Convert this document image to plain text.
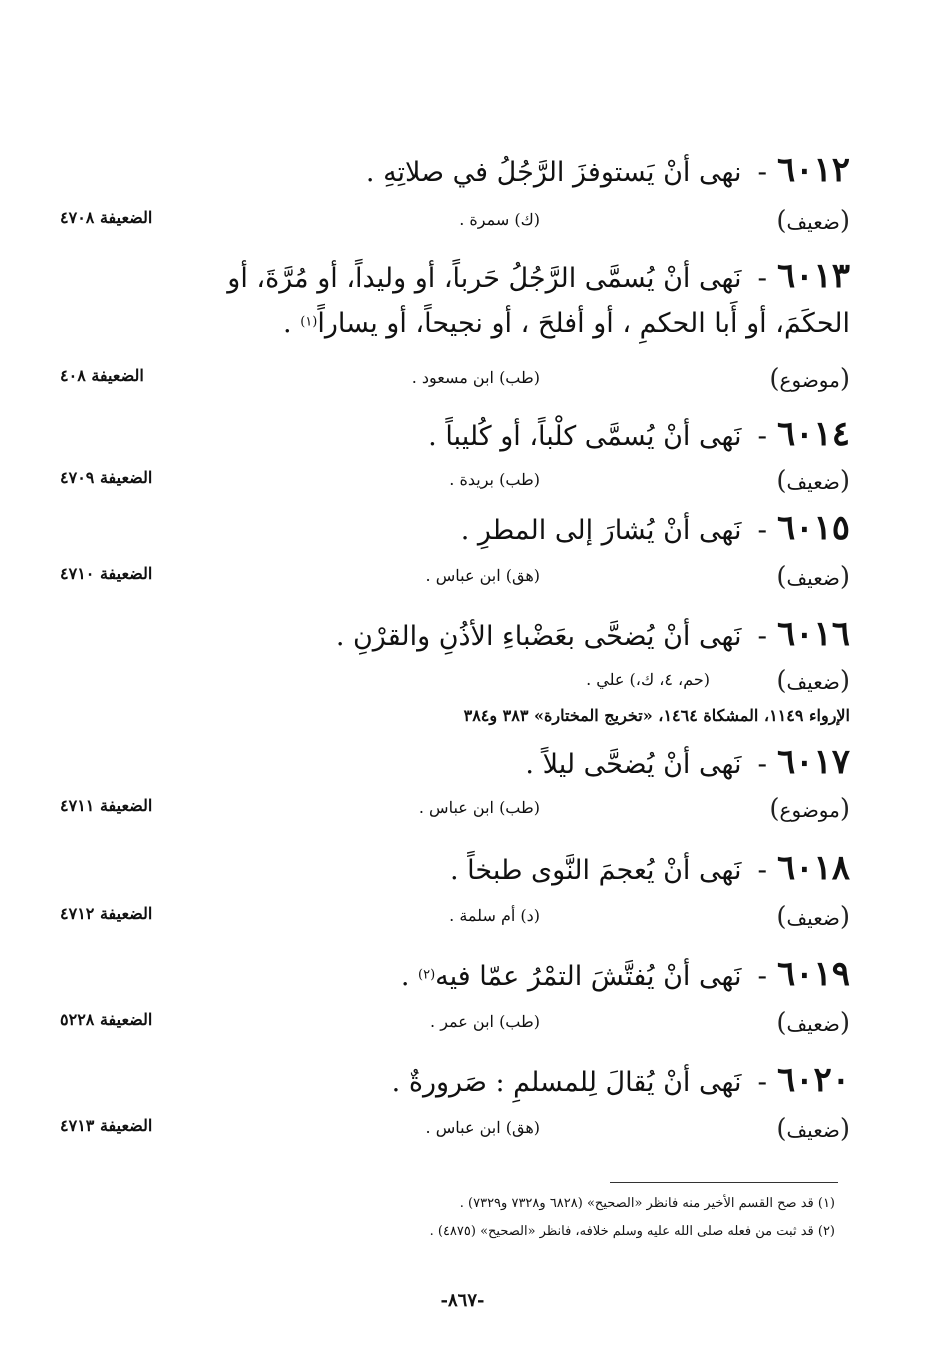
٦٠١٢-نهى أنْ يَستوفزَ الرَّجُلُ في صلاتِهِ .
(ضعيف)
(ك) سمرة .
الضعيفة ٤٧٠٨
٦٠١٣-نَهى أنْ يُسمَّى الرَّجُلُ حَرباً، أو وليداً، أو مُرَّةَ، أو
الحكَمَ، أو أَبا الحكمِ ، أو أفلحَ ، أو نجيحاً، أو يساراً$^{(١)}$ .
(موضوع)
(طب) ابن مسعود .
الضعيفة ٤٠٨
٦٠١٤-نَهى أنْ يُسمَّى كلْباً، أو كُليباً .
(ضعيف)
(طب) بريدة .
الضعيفة ٤٧٠٩
٦٠١٥-نَهى أنْ يُشارَ إلى المطرِ .
(ضعيف)
(هق) ابن عباس .
الضعيفة ٤٧١٠
٦٠١٦-نَهى أنْ يُضحَّى بعَضْباءِ الأذُنِ والقرْنِ .
(ضعيف)
(حم، ٤، ك،) علي .
الإرواء ١١٤٩، المشكاة ١٤٦٤، «تخريج المختارة» ٣٨٣ و٣٨٤
٦٠١٧-نَهى أنْ يُضحَّى ليلاً .
(موضوع)
(طب) ابن عباس .
الضعيفة ٤٧١١
٦٠١٨-نَهى أنْ يُعجمَ النَّوى طبخاً .
(ضعيف)
(د) أم سلمة .
الضعيفة ٤٧١٢
٦٠١٩-نَهى أنْ يُفتَّشَ التمْرُ عمّا فيه$^{(٢)}$ .
(ضعيف)
(طب) ابن عمر .
الضعيفة ٥٢٢٨
٦٠٢٠-نَهى أنْ يُقالَ لِلمسلمِ : صَرورةٌ .
(ضعيف)
(هق) ابن عباس .
الضعيفة ٤٧١٣
(١) قد صح القسم الأخير منه فانظر «الصحيح» (٦٨٢٨ و٧٣٢٨ و٧٣٢٩) .
(٢) قد ثبت من فعله صلى الله عليه وسلم خلافه، فانظر «الصحيح» (٤٨٧٥) .
-٨٦٧-
